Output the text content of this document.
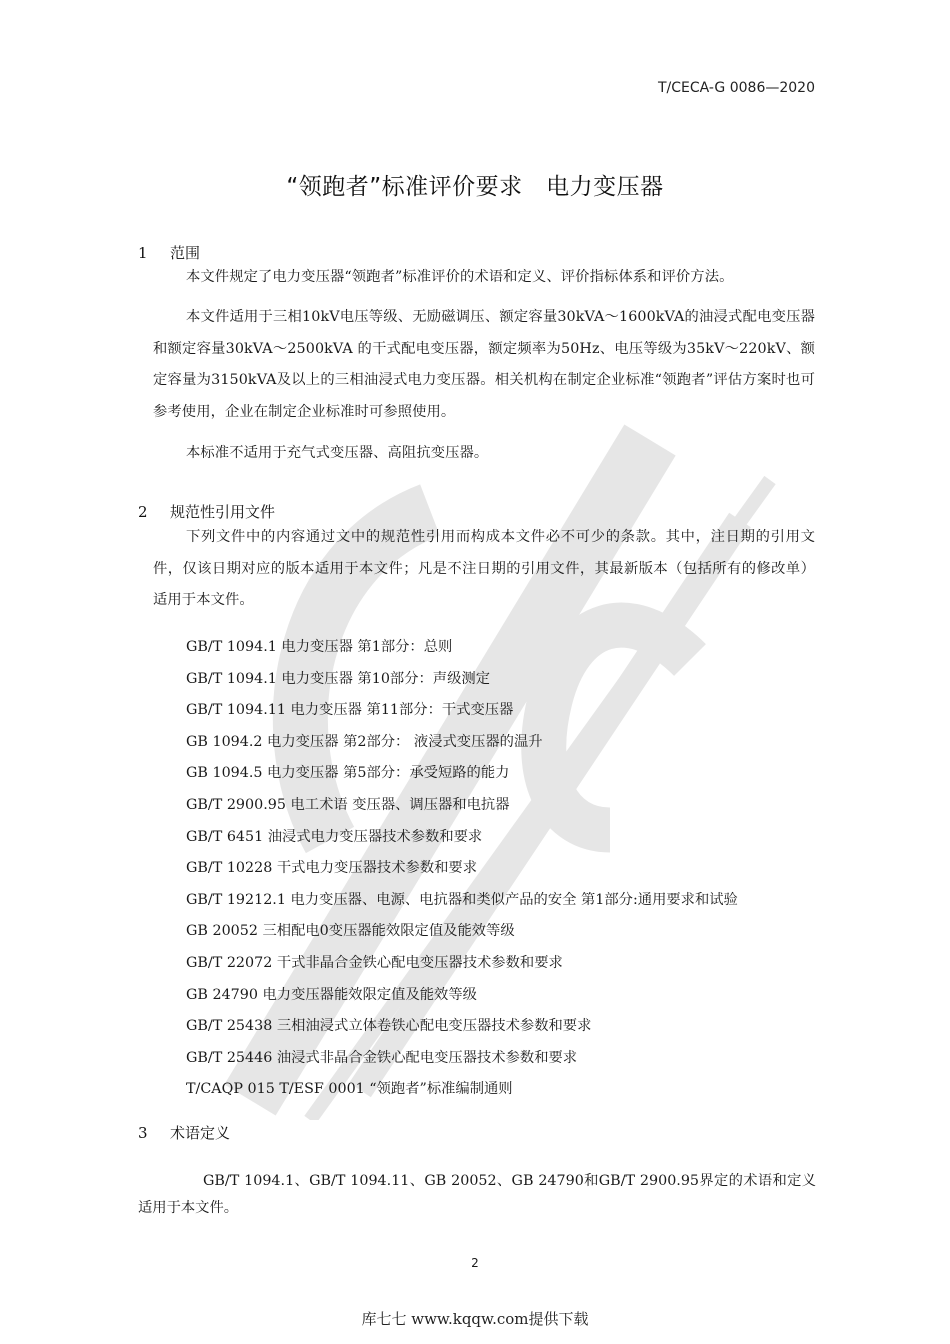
T/CECA-G 0086—2020
“领跑者”标准评价要求　电力变压器
1 范围
本文件规定了电力变压器“领跑者”标准评价的术语和定义、评价指标体系和评价方法。
本文件适用于三相10kV电压等级、无励磁调压、额定容量30kVA～1600kVA的油浸式配电变压器和额定容量30kVA～2500kVA 的干式配电变压器，额定频率为50Hz、电压等级为35kV～220kV、额定容量为3150kVA及以上的三相油浸式电力变压器。相关机构在制定企业标准“领跑者”评估方案时也可参考使用，企业在制定企业标准时可参照使用。
本标准不适用于充气式变压器、高阻抗变压器。
2 规范性引用文件
下列文件中的内容通过文中的规范性引用而构成本文件必不可少的条款。其中，注日期的引用文件，仅该日期对应的版本适用于本文件；凡是不注日期的引用文件，其最新版本（包括所有的修改单）适用于本文件。
GB/T 1094.1 电力变压器 第1部分：总则
GB/T 1094.1 电力变压器 第10部分：声级测定
GB/T 1094.11 电力变压器 第11部分：干式变压器
GB 1094.2 电力变压器 第2部分： 液浸式变压器的温升
GB 1094.5 电力变压器 第5部分：承受短路的能力
GB/T 2900.95 电工术语 变压器、调压器和电抗器
GB/T 6451 油浸式电力变压器技术参数和要求
GB/T 10228 干式电力变压器技术参数和要求
GB/T 19212.1 电力变压器、电源、电抗器和类似产品的安全 第1部分:通用要求和试验
GB 20052 三相配电0变压器能效限定值及能效等级
GB/T 22072 干式非晶合金铁心配电变压器技术参数和要求
GB 24790 电力变压器能效限定值及能效等级
GB/T 25438 三相油浸式立体卷铁心配电变压器技术参数和要求
GB/T 25446 油浸式非晶合金铁心配电变压器技术参数和要求
T/CAQP 015 T/ESF 0001 “领跑者”标准编制通则
3 术语定义
GB/T 1094.1、GB/T 1094.11、GB 20052、GB 24790和GB/T 2900.95界定的术语和定义适用于本文件。
2
库七七 www.kqqw.com提供下载
